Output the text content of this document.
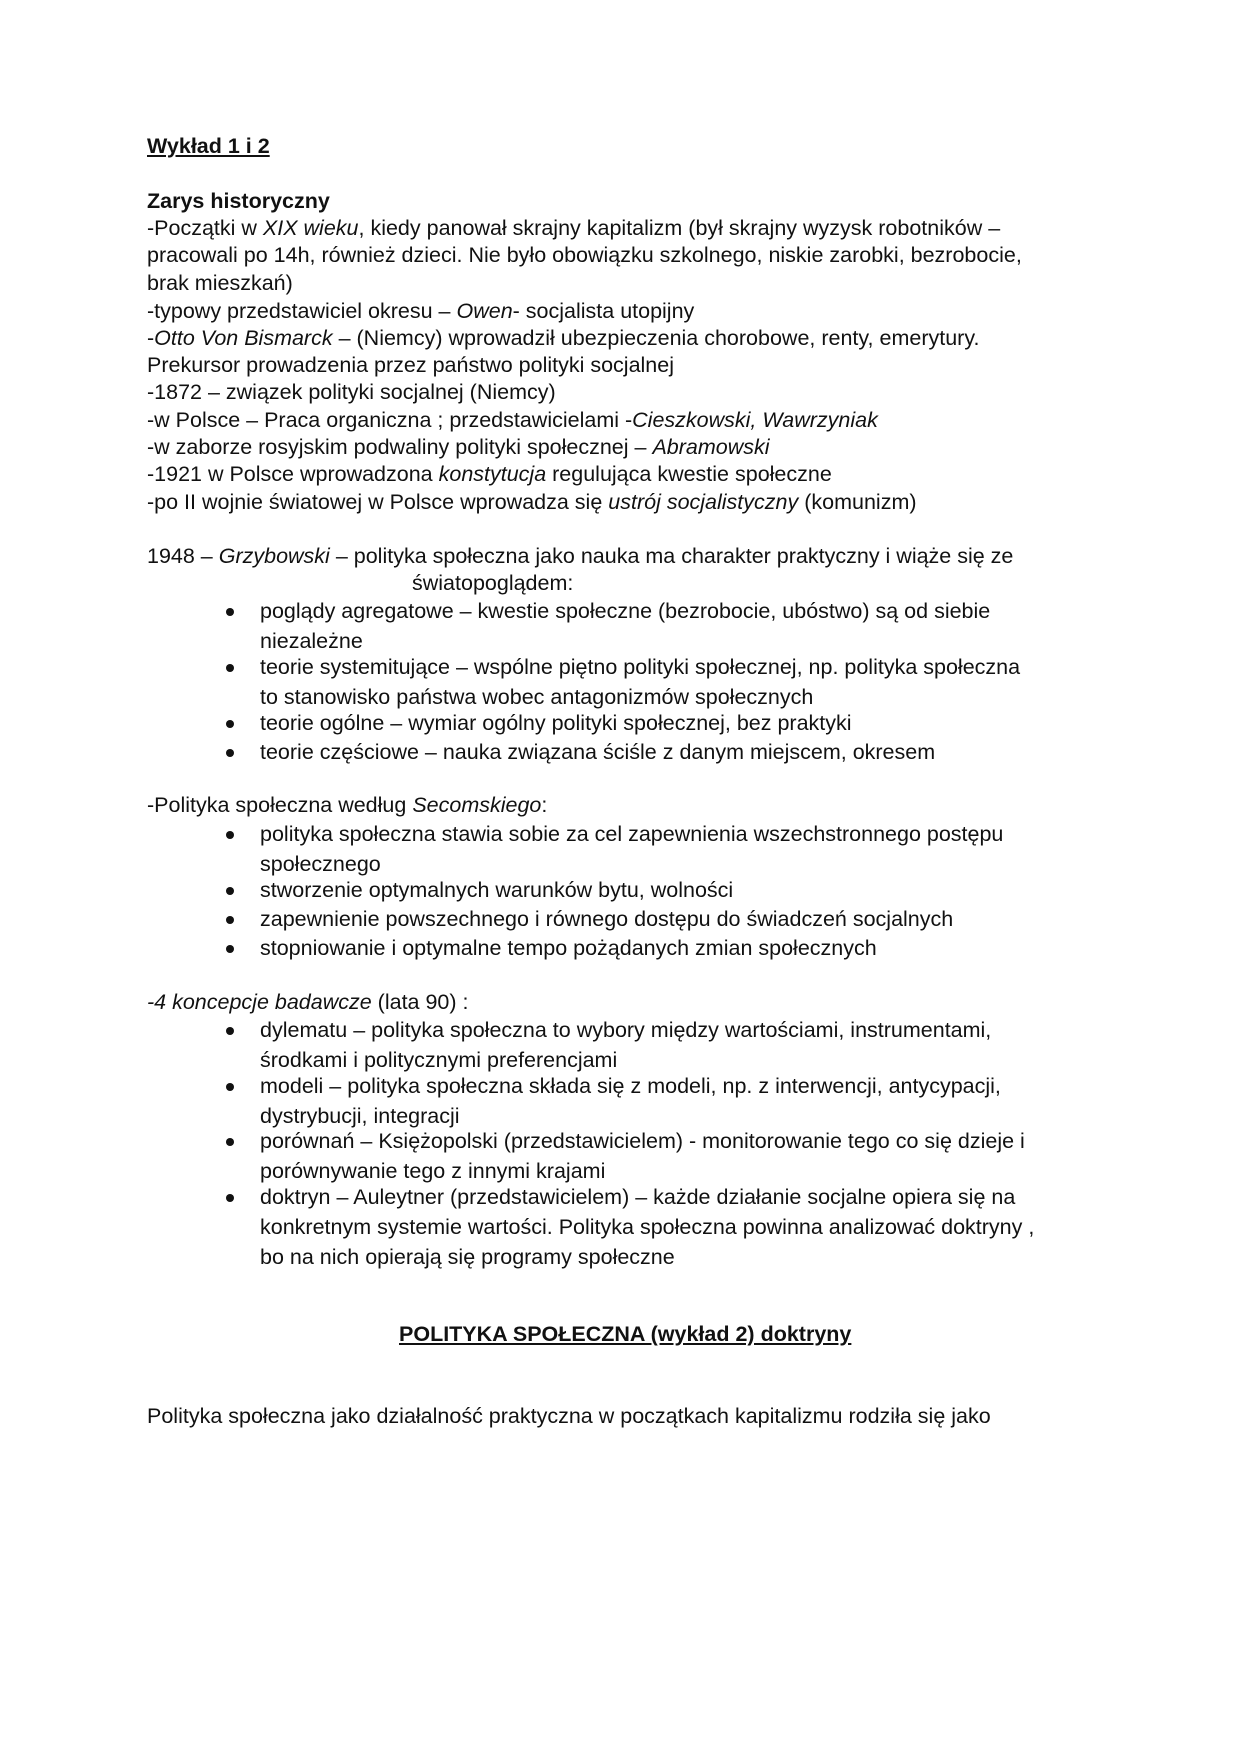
Wykład 1 i 2
Zarys historyczny
-Początki w XIX wieku, kiedy panował skrajny kapitalizm (był skrajny wyzysk robotników –
pracowali po 14h, również dzieci. Nie było obowiązku szkolnego, niskie zarobki, bezrobocie,
brak mieszkań)
-typowy przedstawiciel okresu – Owen- socjalista utopijny
-Otto Von Bismarck – (Niemcy) wprowadził ubezpieczenia chorobowe, renty, emerytury.
Prekursor prowadzenia przez państwo polityki socjalnej
-1872 – związek polityki socjalnej (Niemcy)
-w Polsce – Praca organiczna ; przedstawicielami -Cieszkowski, Wawrzyniak
-w zaborze rosyjskim podwaliny polityki społecznej – Abramowski
-1921 w Polsce wprowadzona konstytucja regulująca kwestie społeczne
-po II wojnie światowej w Polsce wprowadza się ustrój socjalistyczny (komunizm)
1948 – Grzybowski – polityka społeczna jako nauka ma charakter praktyczny i wiąże się ze
światopoglądem:
poglądy agregatowe – kwestie społeczne (bezrobocie, ubóstwo) są od siebie
niezależne
teorie systemitujące – wspólne piętno polityki społecznej, np. polityka społeczna
to stanowisko państwa wobec antagonizmów społecznych
teorie ogólne – wymiar ogólny polityki społecznej, bez praktyki
teorie częściowe – nauka związana ściśle z danym miejscem, okresem
-Polityka społeczna według Secomskiego:
polityka społeczna stawia sobie za cel zapewnienia wszechstronnego postępu
społecznego
stworzenie optymalnych warunków bytu, wolności
zapewnienie powszechnego i równego dostępu do świadczeń socjalnych
stopniowanie i optymalne tempo pożądanych zmian społecznych
-4 koncepcje badawcze (lata 90) :
dylematu – polityka społeczna to wybory między wartościami, instrumentami,
środkami i politycznymi preferencjami
modeli – polityka społeczna składa się z modeli, np. z interwencji, antycypacji,
dystrybucji, integracji
porównań – Księżopolski (przedstawicielem) - monitorowanie tego co się dzieje i
porównywanie tego z innymi krajami
doktryn – Auleytner (przedstawicielem) – każde działanie socjalne opiera się na
konkretnym systemie wartości. Polityka społeczna powinna analizować doktryny ,
bo na nich opierają się programy społeczne
POLITYKA SPOŁECZNA (wykład 2) doktryny
Polityka społeczna jako działalność praktyczna w początkach kapitalizmu rodziła się jako
